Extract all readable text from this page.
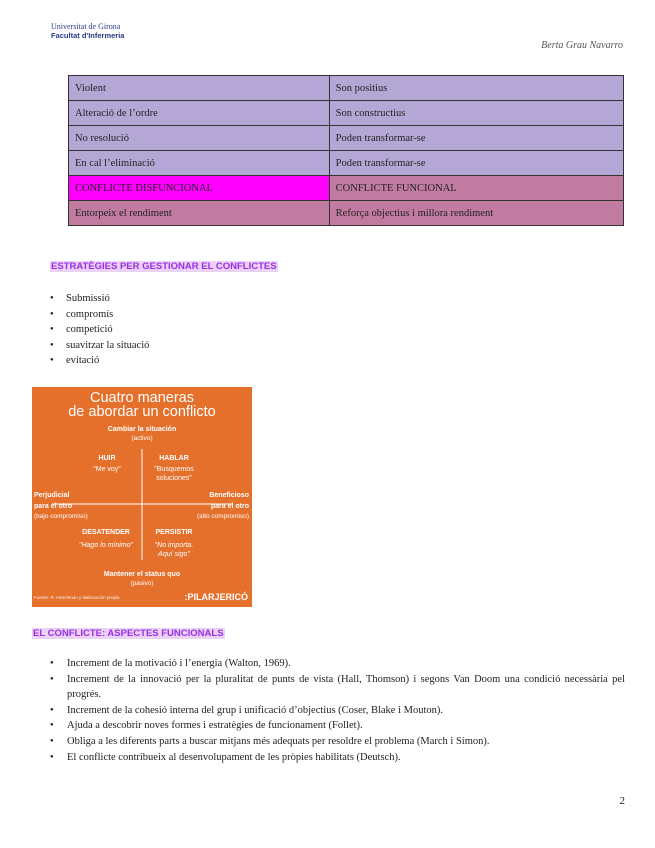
Universitat de Girona
Facultat d'Infermeria
Berta Grau Navarro
Violent	Son positius
Alteració de l’ordre	Son constructius
No resolució	Poden transformar-se
En cal l’eliminació	Poden transformar-se
CONFLICTE DISFUNCIONAL	CONFLICTE FUNCIONAL
Entorpeix el rendiment	Reforça objectius i millora rendiment
ESTRATÈGIES PER GESTIONAR EL CONFLICTES
● Submissió
● compromís
● competició
● suavitzar la situació
● evitació
Cuatro maneras
de abordar un conflicto
Cambiar la situación
(activo)
HUIR
"Me voy"
HABLAR
"Busquemos
soluciones"
Perjudicial
para el otro
(bajo compromiso)
Beneficioso
para el otro
(alto compromiso)
DESATENDER
"Hago lo mínimo"
PERSISTIR
"No importa.
Aquí sigo"
Mantener el status quo
(pasivo)
Fuente: R. Hirschman y elaboración propia	:PILARJERICÓ
EL CONFLICTE: ASPECTES FUNCIONALS
● Increment de la motivació i l’energia (Walton, 1969).
● Increment de la innovació per la pluralitat de punts de vista (Hall, Thomson) i segons Van Doom una condició necessària pel progrés.
● Increment de la cohesió interna del grup i unificació d’objectius (Coser, Blake i Mouton).
● Ajuda a descobrir noves formes i estratègies de funcionament (Follet).
● Obliga a les diferents parts a buscar mitjans més adequats per resoldre el problema (March i Simon).
● El conflicte contribueix al desenvolupament de les pròpies habilitats (Deutsch).
2
